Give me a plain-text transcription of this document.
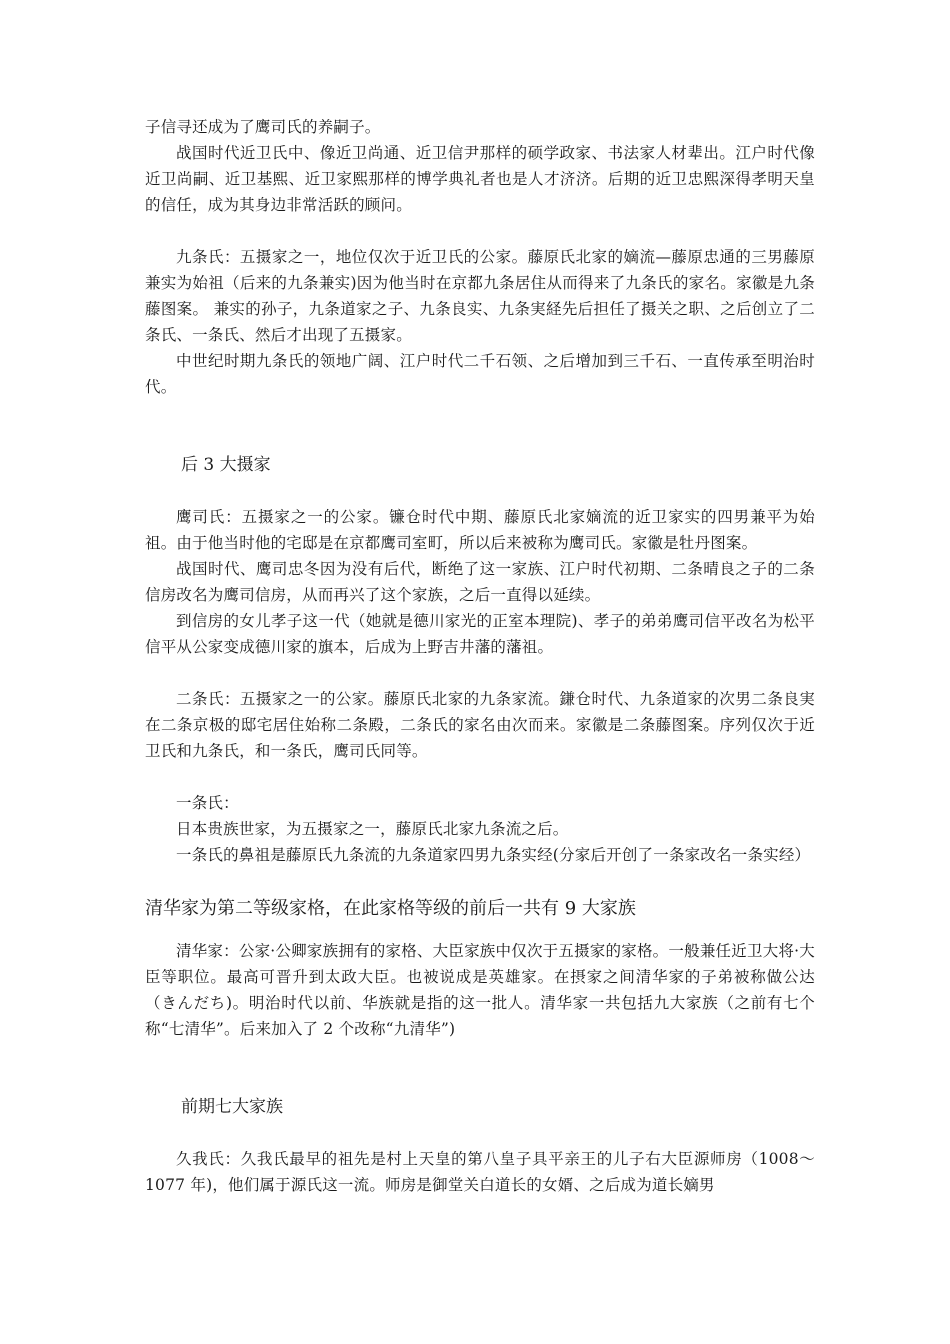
子信寻还成为了鹰司氏的养嗣子。

战国时代近卫氏中、像近卫尚通、近卫信尹那样的硕学政家、书法家人材辈出。江户时代像近卫尚嗣、近卫基熙、近卫家熙那样的博学典礼者也是人才济济。后期的近卫忠熙深得孝明天皇的信任，成为其身边非常活跃的顾问。

九条氏：五摄家之一，地位仅次于近卫氏的公家。藤原氏北家的嫡流—藤原忠通的三男藤原兼实为始祖（后来的九条兼实)因为他当时在京都九条居住从而得来了九条氏的家名。家徽是九条藤图案。 兼实的孙子，九条道家之子、九条良实、九条実経先后担任了摄关之职、之后创立了二条氏、一条氏、然后才出现了五摄家。

中世纪时期九条氏的领地广阔、江户时代二千石领、之后增加到三千石、一直传承至明治时代。

后 3 大摄家

鹰司氏：五摄家之一的公家。镰仓时代中期、藤原氏北家嫡流的近卫家实的四男兼平为始祖。由于他当时他的宅邸是在京都鹰司室町，所以后来被称为鹰司氏。家徽是牡丹图案。

战国时代、鹰司忠冬因为没有后代，断绝了这一家族、江户时代初期、二条晴良之子的二条信房改名为鹰司信房，从而再兴了这个家族，之后一直得以延续。

到信房的女儿孝子这一代（她就是德川家光的正室本理院)、孝子的弟弟鹰司信平改名为松平信平从公家变成德川家的旗本，后成为上野吉井藩的藩祖。

二条氏：五摄家之一的公家。藤原氏北家的九条家流。鎌仓时代、九条道家的次男二条良実在二条京极的邸宅居住始称二条殿，二条氏的家名由次而来。家徽是二条藤图案。序列仅次于近卫氏和九条氏，和一条氏，鹰司氏同等。

一条氏：

日本贵族世家，为五摄家之一，藤原氏北家九条流之后。

一条氏的鼻祖是藤原氏九条流的九条道家四男九条实经(分家后开创了一条家改名一条实经）

清华家为第二等级家格，在此家格等级的前后一共有 9 大家族

清华家：公家·公卿家族拥有的家格、大臣家族中仅次于五摄家的家格。一般兼任近卫大将·大臣等职位。最高可晋升到太政大臣。也被说成是英雄家。在摂家之间清华家的子弟被称做公达（きんだち)。明治时代以前、华族就是指的这一批人。清华家一共包括九大家族（之前有七个称“七清华”。后来加入了 2 个改称“九清华”)

前期七大家族

久我氏：久我氏最早的祖先是村上天皇的第八皇子具平亲王的儿子右大臣源师房（1008～1077 年)，他们属于源氏这一流。师房是御堂关白道长的女婿、之后成为道长嫡男
